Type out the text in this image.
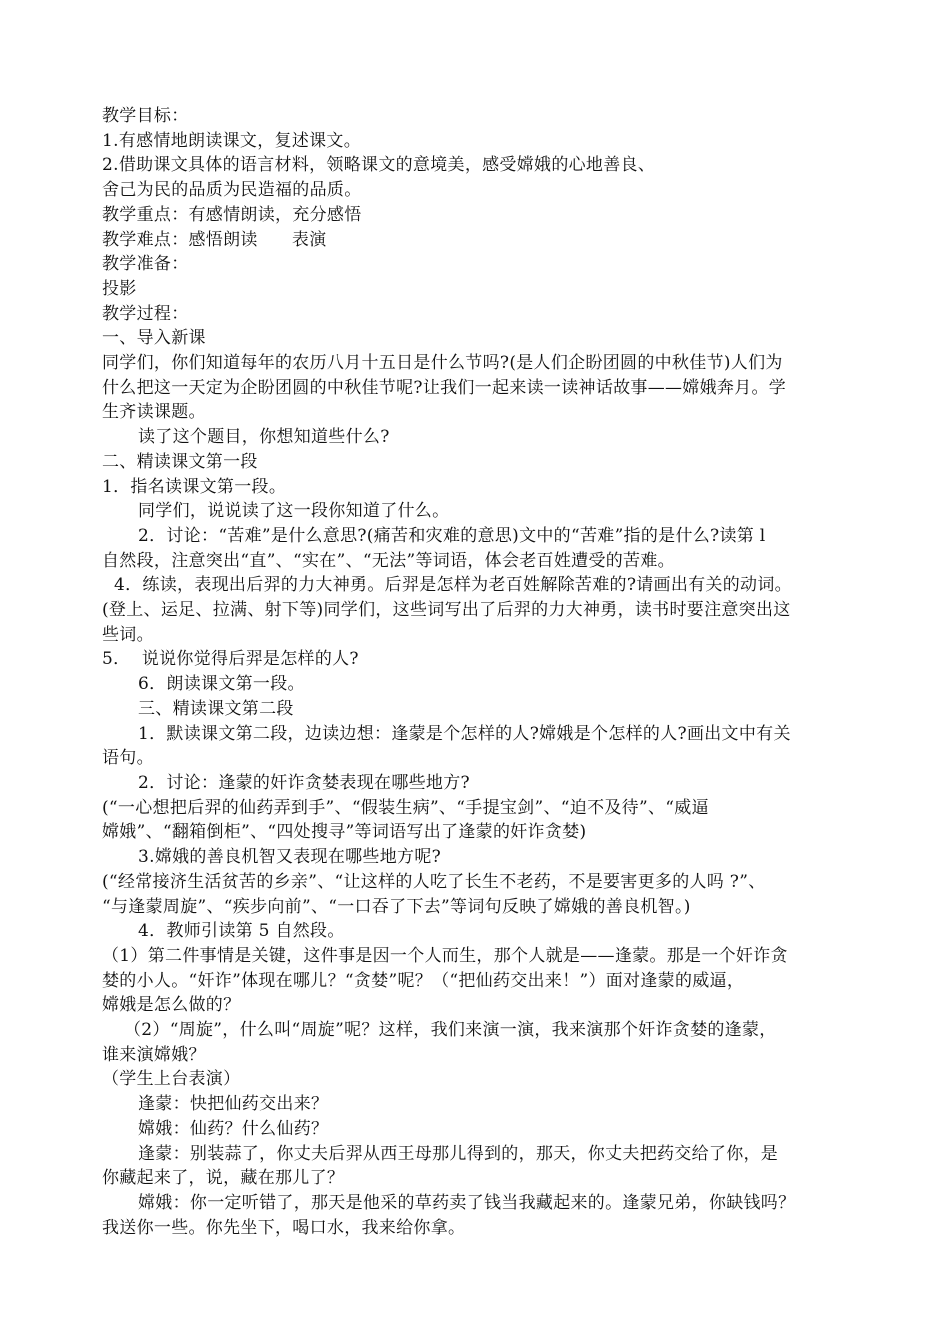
教学目标：
1.有感情地朗读课文，复述课文。
2.借助课文具体的语言材料，领略课文的意境美，感受嫦娥的心地善良、
舍己为民的品质为民造福的品质。
教学重点：有感情朗读，充分感悟
教学难点：感悟朗读      表演
教学准备：
投影
教学过程：
一、导入新课
同学们，你们知道每年的农历八月十五日是什么节吗?(是人们企盼团圆的中秋佳节)人们为
什么把这一天定为企盼团圆的中秋佳节呢?让我们一起来读一读神话故事——嫦娥奔月。学
生齐读课题。
读了这个题目，你想知道些什么?
二、精读课文第一段
1．指名读课文第一段。
同学们，说说读了这一段你知道了什么。
2．讨论：“苦难”是什么意思?(痛苦和灾难的意思)文中的“苦难”指的是什么?读第 l
自然段，注意突出“直”、“实在”、“无法”等词语，体会老百姓遭受的苦难。
4．练读，表现出后羿的力大神勇。后羿是怎样为老百姓解除苦难的?请画出有关的动词。
(登上、运足、拉满、射下等)同学们，这些词写出了后羿的力大神勇，读书时要注意突出这
些词。
5．  说说你觉得后羿是怎样的人?
6．朗读课文第一段。
三、精读课文第二段
1．默读课文第二段，边读边想：逢蒙是个怎样的人?嫦娥是个怎样的人?画出文中有关
语句。
2．讨论：逢蒙的奸诈贪婪表现在哪些地方?
(“一心想把后羿的仙药弄到手”、“假装生病”、“手提宝剑”、“迫不及待”、“威逼
嫦娥”、“翻箱倒柜”、“四处搜寻”等词语写出了逢蒙的奸诈贪婪)
3.嫦娥的善良机智又表现在哪些地方呢?
(“经常接济生活贫苦的乡亲”、“让这样的人吃了长生不老药，不是要害更多的人吗 ?”、
“与逢蒙周旋”、“疾步向前”、“一口吞了下去”等词句反映了嫦娥的善良机智。)
4．教师引读第 5 自然段。
（1）第二件事情是关键，这件事是因一个人而生，那个人就是——逢蒙。那是一个奸诈贪
婪的小人。“奸诈”体现在哪儿？“贪婪”呢？（“把仙药交出来！”）面对逢蒙的威逼，
嫦娥是怎么做的？
（2）“周旋”，什么叫“周旋”呢？这样，我们来演一演，我来演那个奸诈贪婪的逢蒙，
谁来演嫦娥？
（学生上台表演）
逢蒙：快把仙药交出来？
嫦娥：仙药？什么仙药？
逢蒙：别装蒜了，你丈夫后羿从西王母那儿得到的，那天，你丈夫把药交给了你，是
你藏起来了，说，藏在那儿了？
嫦娥：你一定听错了，那天是他采的草药卖了钱当我藏起来的。逢蒙兄弟，你缺钱吗？
我送你一些。你先坐下，喝口水，我来给你拿。
